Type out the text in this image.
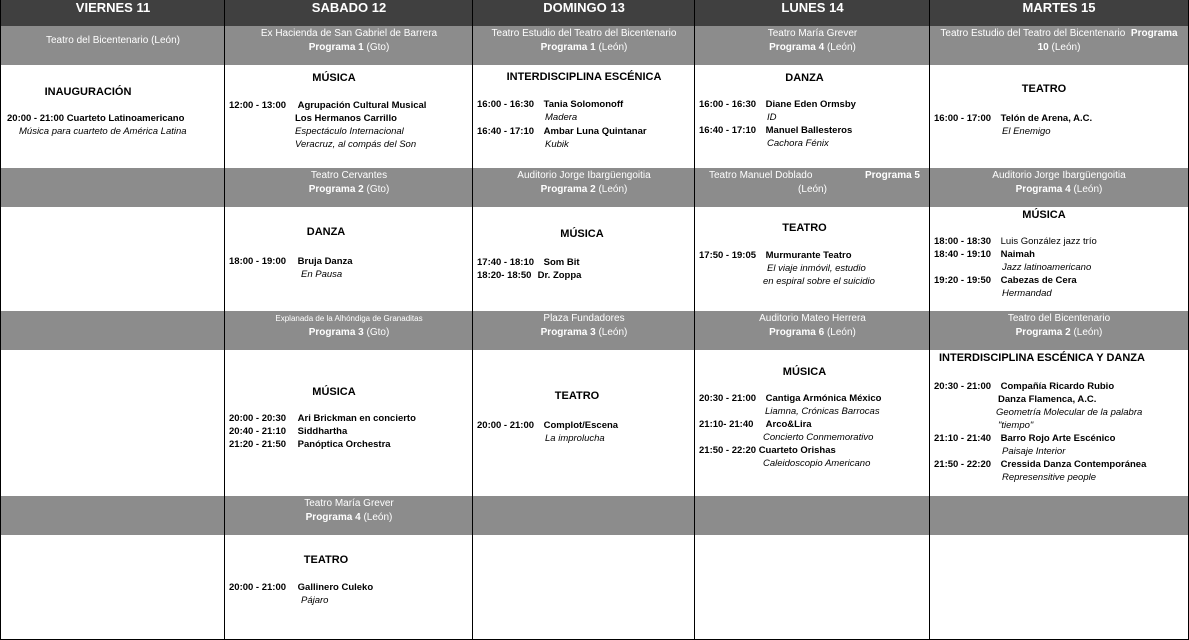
VIERNES 11
Teatro del Bicentenario (León)
INAUGURACIÓN
20:00 - 21:00 Cuarteto Latinoamericano
Música para cuarteto de América Latina
SABADO 12
Ex Hacienda de San Gabriel de Barrera
Programa 1 (Gto)
MÚSICA
12:00 - 13:00 Agrupación Cultural Musical
Los Hermanos Carrillo
Espectáculo Internacional
Veracruz, al compás del Son
Teatro Cervantes
Programa 2 (Gto)
DANZA
18:00 - 19:00 Bruja Danza
En Pausa
Explanada de la Alhóndiga de Granaditas
Programa 3 (Gto)
MÚSICA
20:00 - 20:30 Ari Brickman en concierto
20:40 - 21:10 Siddhartha
21:20 - 21:50 Panóptica Orchestra
Teatro María Grever
Programa 4 (León)
TEATRO
20:00 - 21:00 Gallinero Culeko
Pájaro
DOMINGO 13
Teatro Estudio del Teatro del Bicentenario
Programa 1 (León)
INTERDISCIPLINA ESCÉNICA
16:00 - 16:30 Tania Solomonoff
Madera
16:40 - 17:10 Ambar Luna Quintanar
Kubik
Auditorio Jorge Ibargüengoitia
Programa 2 (León)
MÚSICA
17:40 - 18:10 Som Bit
18:20- 18:50 Dr. Zoppa
Plaza Fundadores
Programa 3 (León)
TEATRO
20:00 - 21:00 Complot/Escena
La improlucha
LUNES 14
Teatro María Grever
Programa 4 (León)
DANZA
16:00 - 16:30 Diane Eden Ormsby
ID
16:40 - 17:10 Manuel Ballesteros
Cachora Fénix
Teatro Manuel Doblado	Programa 5
(León)
TEATRO
17:50 - 19:05 Murmurante Teatro
El viaje inmóvil, estudio
en espiral sobre el suicidio
Auditorio Mateo Herrera
Programa 6 (León)
MÚSICA
20:30 - 21:00 Cantiga Armónica México
Liamna, Crónicas Barrocas
21:10- 21:40 Arco&Lira
Concierto Conmemorativo
21:50 - 22:20 Cuarteto Orishas
Caleidoscopio Americano
MARTES 15
Teatro Estudio del Teatro del Bicentenario Programa
10 (León)
TEATRO
16:00 - 17:00 Telón de Arena, A.C.
El Enemigo
Auditorio Jorge Ibargüengoitia
Programa 4 (León)
MÚSICA
18:00 - 18:30 Luis González jazz trío
18:40 - 19:10 Naimah
Jazz latinoamericano
19:20 - 19:50 Cabezas de Cera
Hermandad
Teatro del Bicentenario
Programa 2 (León)
INTERDISCIPLINA ESCÉNICA Y DANZA
20:30 - 21:00 Compañía Ricardo Rubio
Danza Flamenca, A.C.
Geometría Molecular de la palabra
"tiempo"
21:10 - 21:40 Barro Rojo Arte Escénico
Paisaje Interior
21:50 - 22:20 Cressida Danza Contemporánea
Represensitive people
